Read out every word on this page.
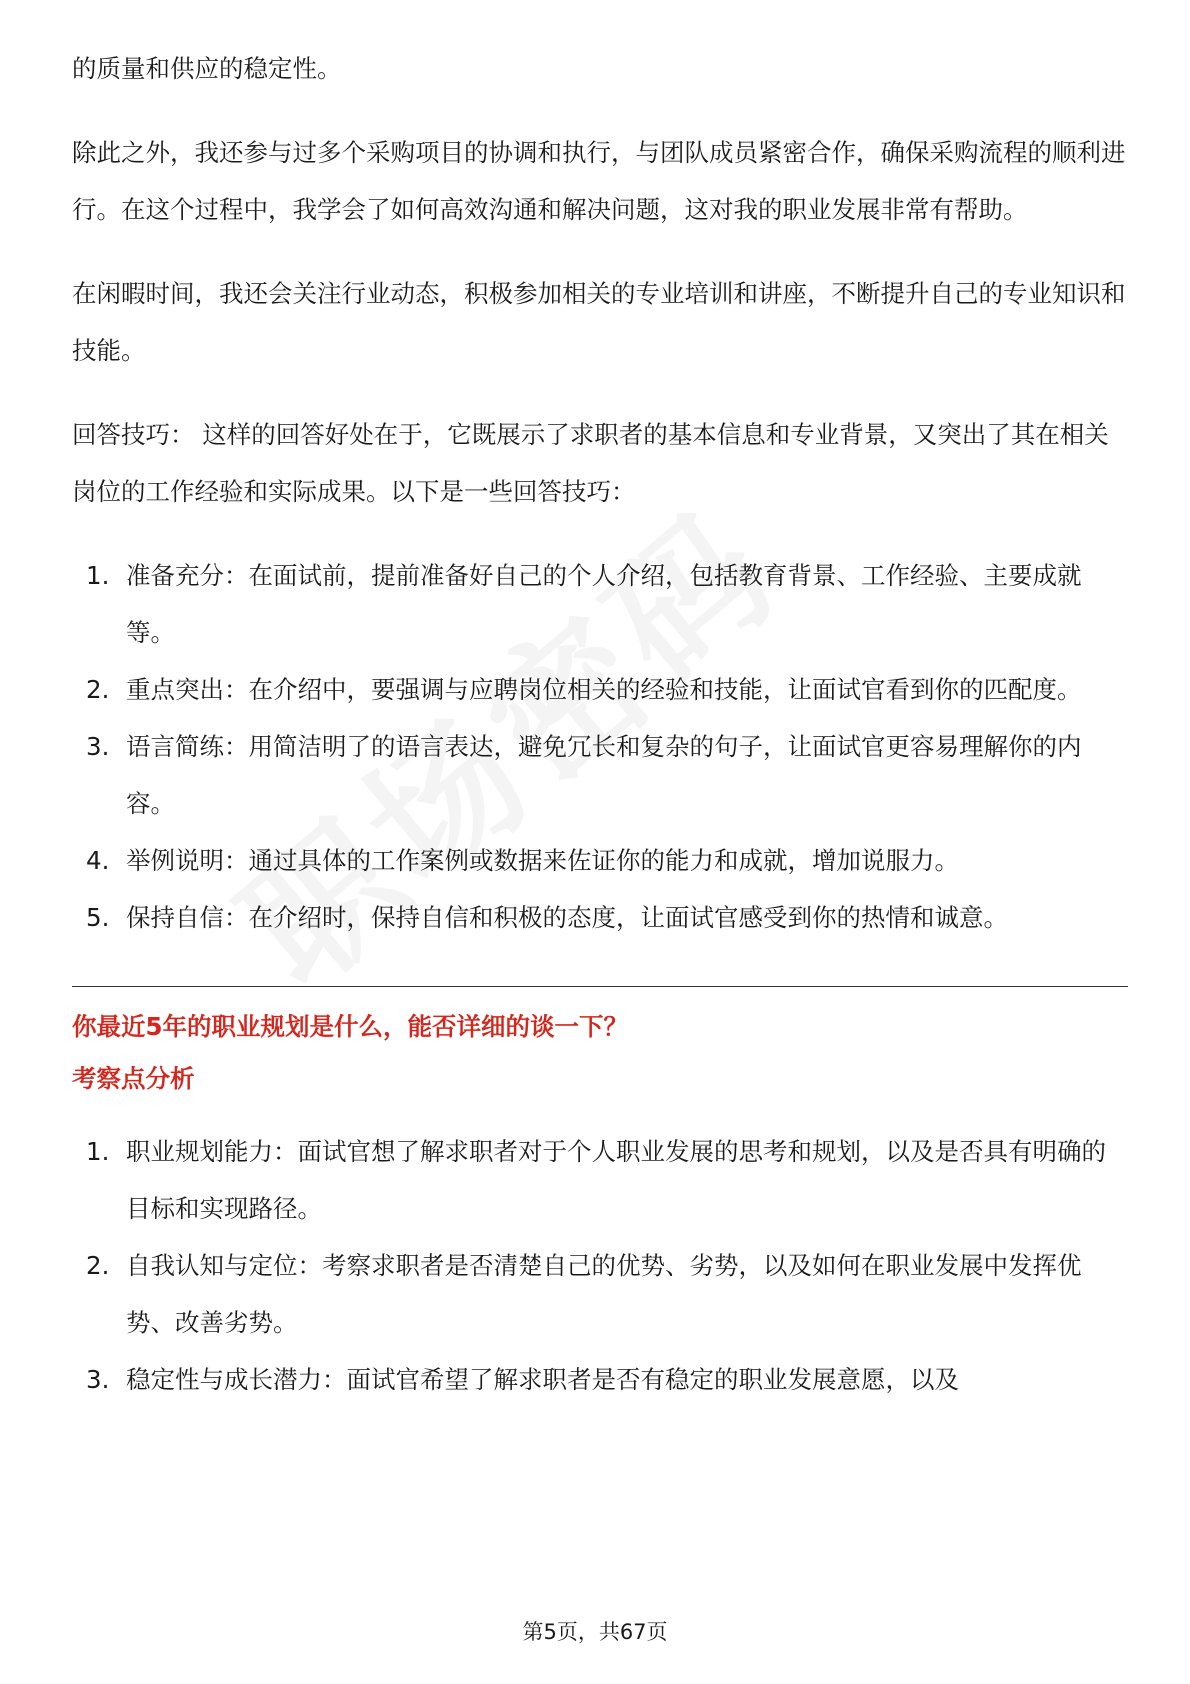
的质量和供应的稳定性。

除此之外，我还参与过多个采购项目的协调和执行，与团队成员紧密合作，确保采购流程的顺利进行。在这个过程中，我学会了如何高效沟通和解决问题，这对我的职业发展非常有帮助。

在闲暇时间，我还会关注行业动态，积极参加相关的专业培训和讲座，不断提升自己的专业知识和技能。

回答技巧： 这样的回答好处在于，它既展示了求职者的基本信息和专业背景，又突出了其在相关岗位的工作经验和实际成果。以下是一些回答技巧：

1. 准备充分：在面试前，提前准备好自己的个人介绍，包括教育背景、工作经验、主要成就等。
2. 重点突出：在介绍中，要强调与应聘岗位相关的经验和技能，让面试官看到你的匹配度。
3. 语言简练：用简洁明了的语言表达，避免冗长和复杂的句子，让面试官更容易理解你的内容。
4. 举例说明：通过具体的工作案例或数据来佐证你的能力和成就，增加说服力。
5. 保持自信：在介绍时，保持自信和积极的态度，让面试官感受到你的热情和诚意。
你最近5年的职业规划是什么，能否详细的谈一下？
考察点分析
1. 职业规划能力：面试官想了解求职者对于个人职业发展的思考和规划，以及是否具有明确的目标和实现路径。
2. 自我认知与定位：考察求职者是否清楚自己的优势、劣势，以及如何在职业发展中发挥优势、改善劣势。
3. 稳定性与成长潜力：面试官希望了解求职者是否有稳定的职业发展意愿，以及
第5页，共67页
